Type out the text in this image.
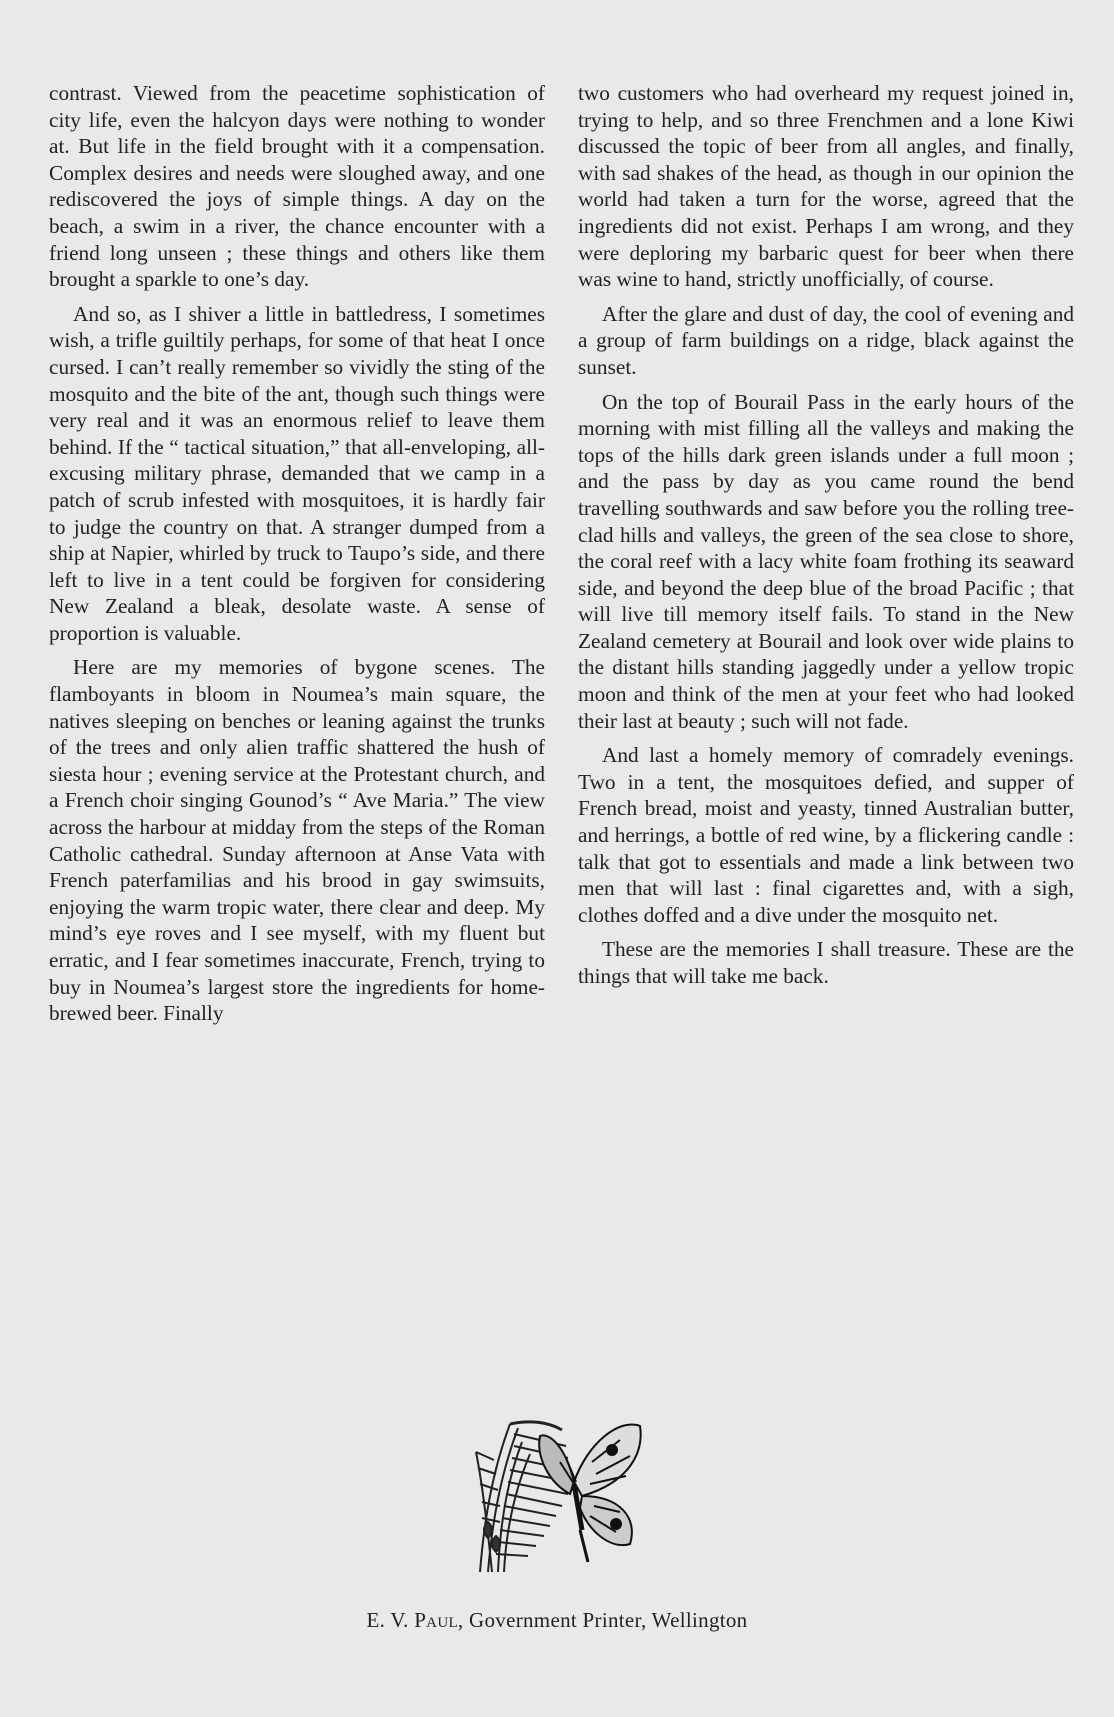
contrast. Viewed from the peacetime sophistication of city life, even the halcyon days were nothing to wonder at. But life in the field brought with it a compensation. Complex desires and needs were sloughed away, and one rediscovered the joys of simple things. A day on the beach, a swim in a river, the chance encounter with a friend long unseen ; these things and others like them brought a sparkle to one’s day.

And so, as I shiver a little in battledress, I sometimes wish, a trifle guiltily perhaps, for some of that heat I once cursed. I can’t really remember so vividly the sting of the mosquito and the bite of the ant, though such things were very real and it was an enormous relief to leave them behind. If the “ tactical situation,” that all-enveloping, all-excusing military phrase, demanded that we camp in a patch of scrub infested with mosquitoes, it is hardly fair to judge the country on that. A stranger dumped from a ship at Napier, whirled by truck to Taupo’s side, and there left to live in a tent could be forgiven for considering New Zealand a bleak, desolate waste. A sense of proportion is valuable.

Here are my memories of bygone scenes. The flamboyants in bloom in Noumea’s main square, the natives sleeping on benches or leaning against the trunks of the trees and only alien traffic shattered the hush of siesta hour ; evening service at the Protestant church, and a French choir singing Gounod’s “ Ave Maria.” The view across the harbour at midday from the steps of the Roman Catholic cathedral. Sunday afternoon at Anse Vata with French paterfamilias and his brood in gay swimsuits, enjoying the warm tropic water, there clear and deep. My mind’s eye roves and I see myself, with my fluent but erratic, and I fear sometimes inaccurate, French, trying to buy in Noumea’s largest store the ingredients for home-brewed beer. Finally

two customers who had overheard my request joined in, trying to help, and so three Frenchmen and a lone Kiwi discussed the topic of beer from all angles, and finally, with sad shakes of the head, as though in our opinion the world had taken a turn for the worse, agreed that the ingredients did not exist. Perhaps I am wrong, and they were deploring my barbaric quest for beer when there was wine to hand, strictly unofficially, of course.

After the glare and dust of day, the cool of evening and a group of farm buildings on a ridge, black against the sunset.

On the top of Bourail Pass in the early hours of the morning with mist filling all the valleys and making the tops of the hills dark green islands under a full moon ; and the pass by day as you came round the bend travelling southwards and saw before you the rolling tree-clad hills and valleys, the green of the sea close to shore, the coral reef with a lacy white foam frothing its seaward side, and beyond the deep blue of the broad Pacific ; that will live till memory itself fails. To stand in the New Zealand cemetery at Bourail and look over wide plains to the distant hills standing jaggedly under a yellow tropic moon and think of the men at your feet who had looked their last at beauty ; such will not fade.

And last a homely memory of comradely evenings. Two in a tent, the mosquitoes defied, and supper of French bread, moist and yeasty, tinned Australian butter, and herrings, a bottle of red wine, by a flickering candle : talk that got to essentials and made a link between two men that will last : final cigarettes and, with a sigh, clothes doffed and a dive under the mosquito net.

These are the memories I shall treasure. These are the things that will take me back.

E. V. Paul, Government Printer, Wellington
